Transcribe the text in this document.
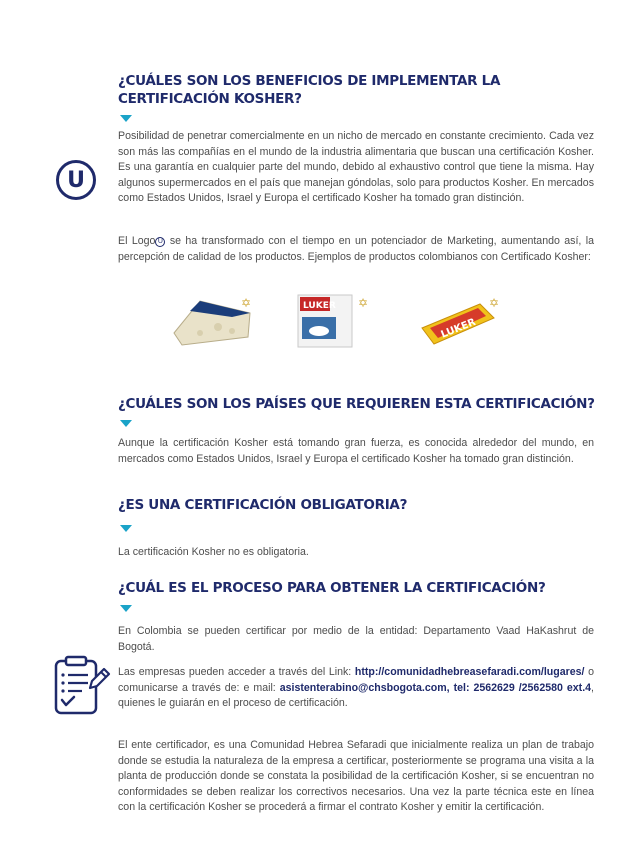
¿CUÁLES SON LOS BENEFICIOS DE IMPLEMENTAR LA
CERTIFICACIÓN KOSHER?
U
Posibilidad de penetrar comercialmente en un nicho de mercado en constante crecimiento. Cada vez son más las compañías en el mundo de la industria alimentaria que buscan una certificación Kosher. Es una garantía en cualquier parte del mundo, debido al exhaustivo control que tiene la misma. Hay algunos supermercados en el país que manejan góndolas, solo para productos Kosher. En mercados como Estados Unidos, Israel y Europa el certificado Kosher ha tomado gran distinción.
El Logo U se ha transformado con el tiempo en un potenciador de Marketing, aumentando así, la percepción de calidad de los productos. Ejemplos de productos colombianos con Certificado Kosher:
✡	LUKER ✡
LUKER
✡
¿CUÁLES SON LOS PAÍSES QUE REQUIEREN ESTA CERTIFICACIÓN?
Aunque la certificación Kosher está tomando gran fuerza, es conocida alrededor del mundo, en mercados como Estados Unidos, Israel y Europa el certificado Kosher ha tomado gran distinción.
¿ES UNA CERTIFICACIÓN OBLIGATORIA?
La certificación Kosher no es obligatoria.
¿CUÁL ES EL PROCESO PARA OBTENER LA CERTIFICACIÓN?
En Colombia se pueden certificar por medio de la entidad: Departamento Vaad HaKashrut de Bogotá.
Las empresas pueden acceder a través del Link: http://comunidadhebreasefaradi.com/lugares/ o comunicarse a través de: e mail: asistenterabino@chsbogota.com, tel: 2562629 /2562580 ext.4, quienes le guiarán en el proceso de certificación.
El ente certificador, es una Comunidad Hebrea Sefaradi que inicialmente realiza un plan de trabajo donde se estudia la naturaleza de la empresa a certificar, posteriormente se programa una visita a la planta de producción donde se constata la posibilidad de la certificación Kosher, si se encuentran no conformidades se deben realizar los correctivos necesarios. Una vez la parte técnica este en línea con la certificación Kosher se procederá a firmar el contrato Kosher y emitir la certificación.
